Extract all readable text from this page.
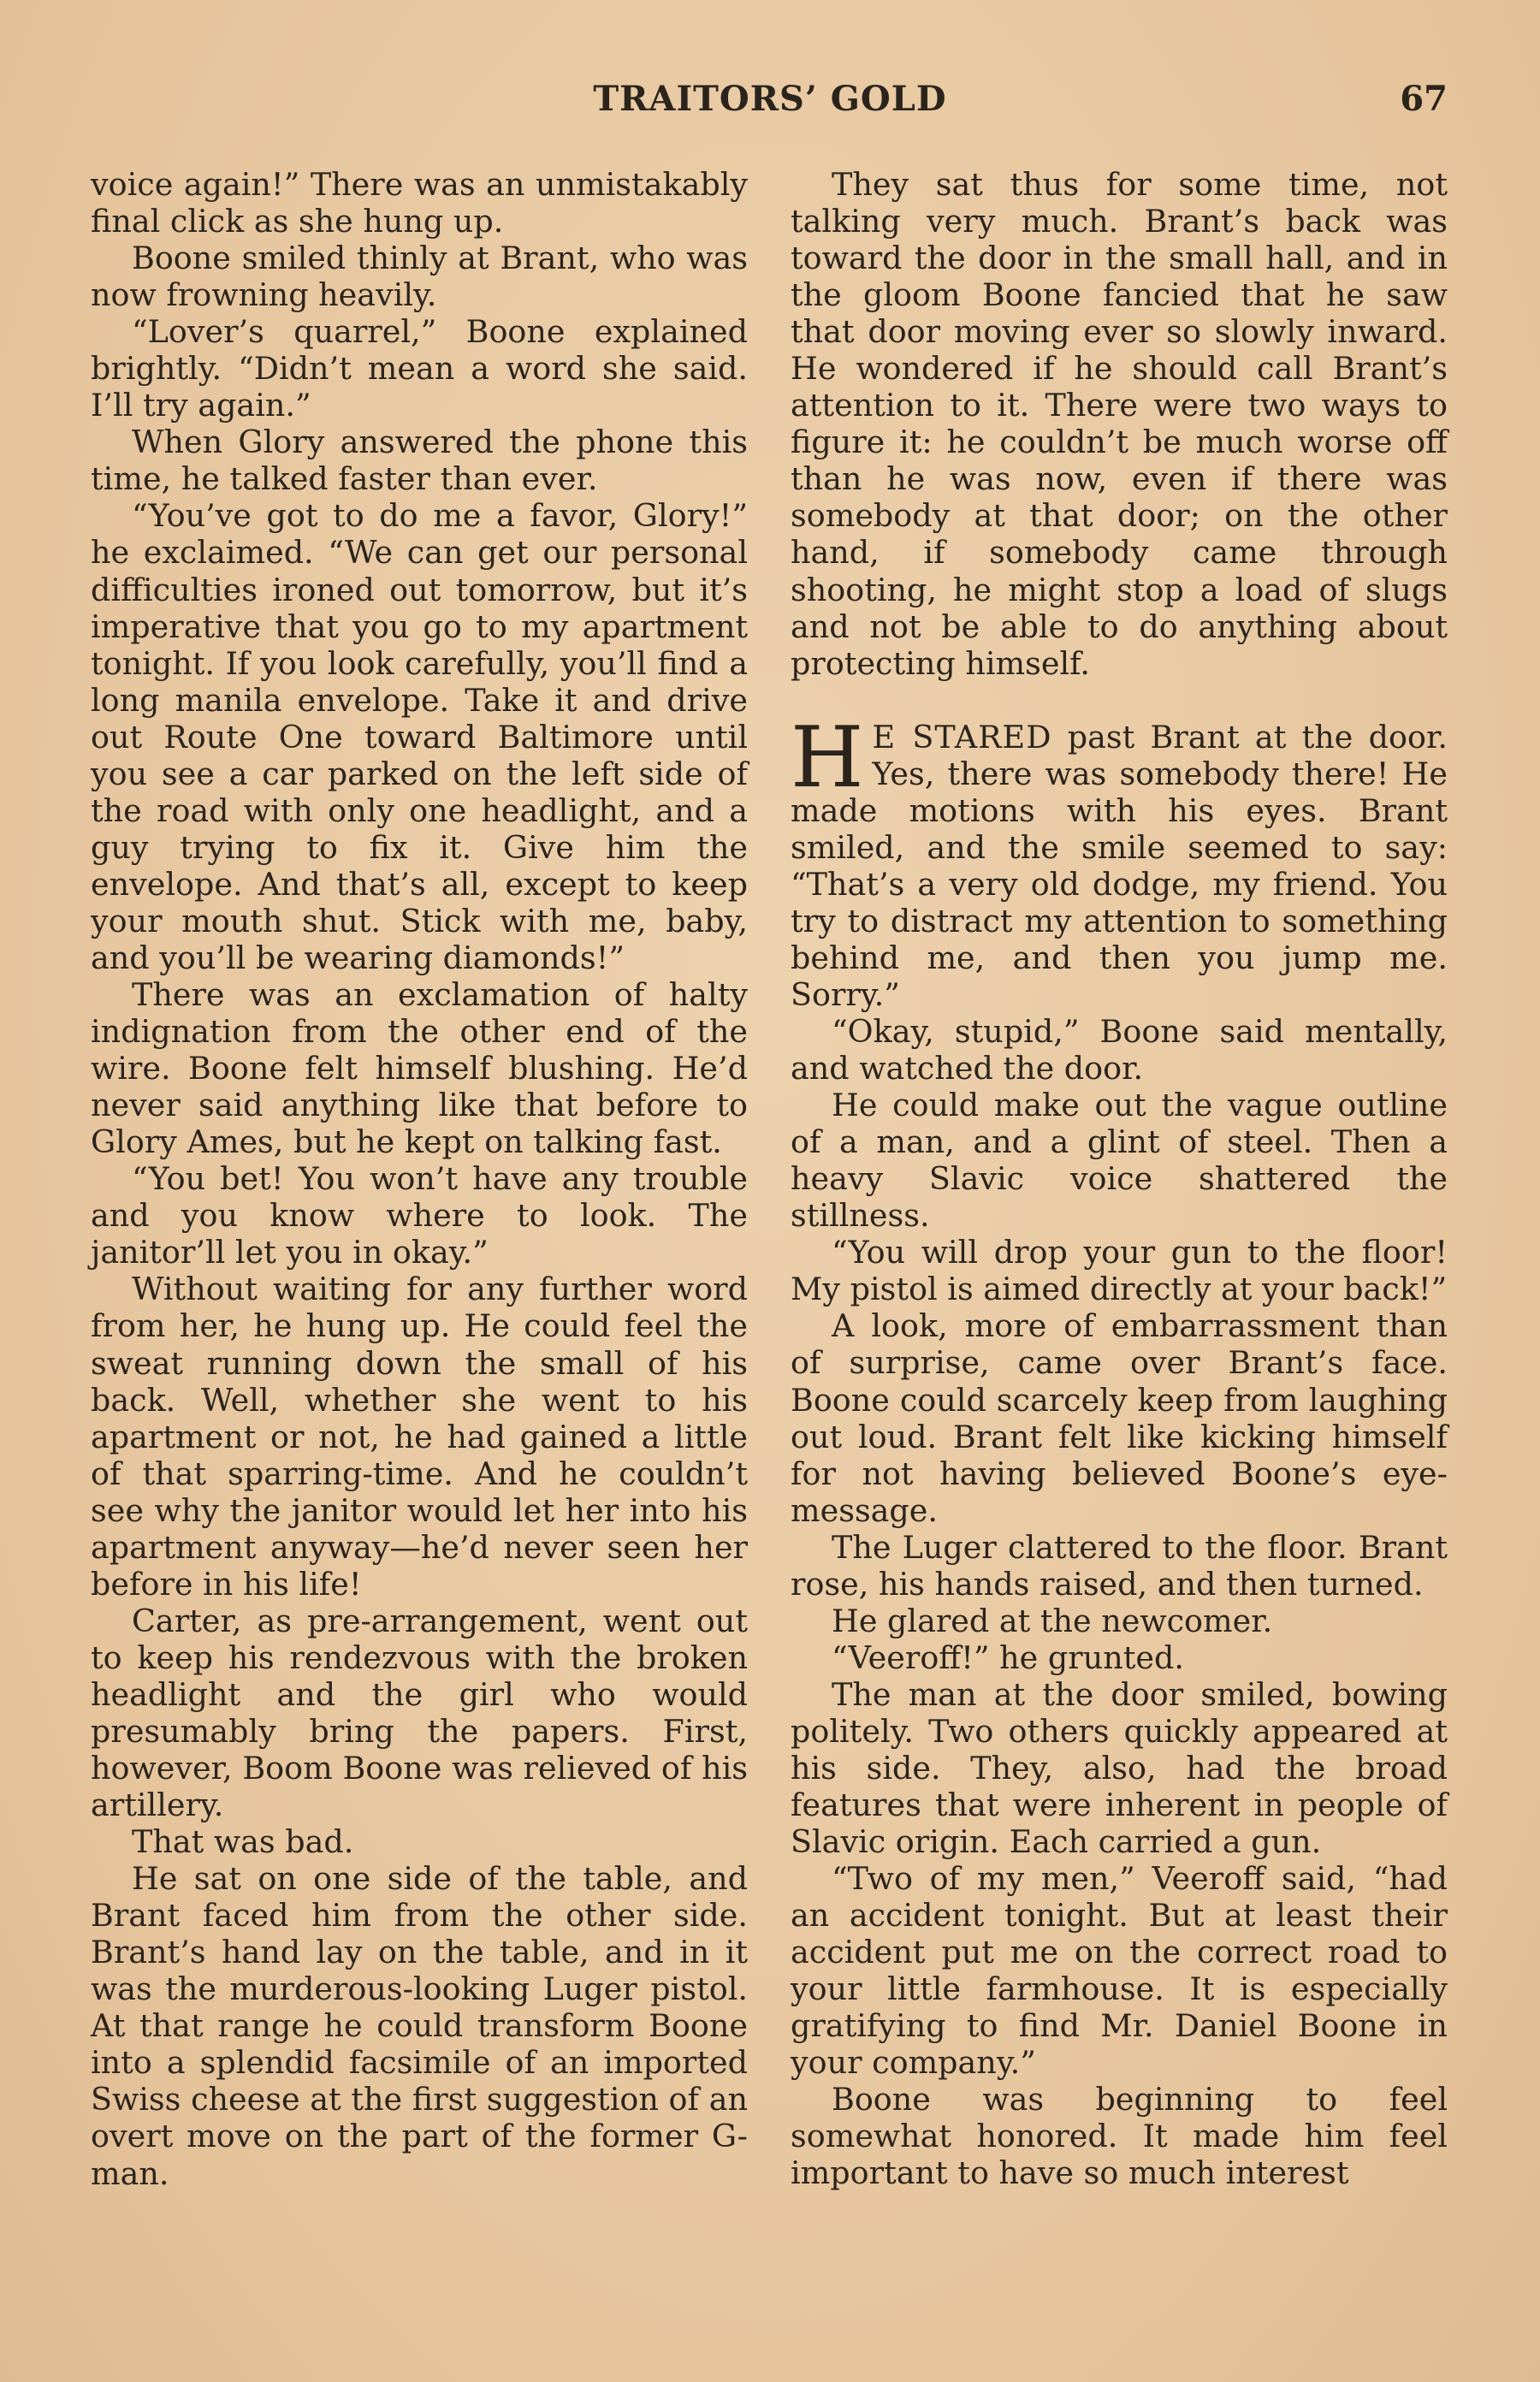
TRAITORS’ GOLD	67

voice again!” There was an unmistakably final click as she hung up.

Boone smiled thinly at Brant, who was now frowning heavily.

“Lover’s quarrel,” Boone explained brightly. “Didn’t mean a word she said. I’ll try again.”

When Glory answered the phone this time, he talked faster than ever.

“You’ve got to do me a favor, Glory!” he exclaimed. “We can get our personal difficulties ironed out tomorrow, but it’s imperative that you go to my apartment tonight. If you look carefully, you’ll find a long manila envelope. Take it and drive out Route One toward Baltimore until you see a car parked on the left side of the road with only one headlight, and a guy trying to fix it. Give him the envelope. And that’s all, except to keep your mouth shut. Stick with me, baby, and you’ll be wearing diamonds!”

There was an exclamation of halty indignation from the other end of the wire. Boone felt himself blushing. He’d never said anything like that before to Glory Ames, but he kept on talking fast.

“You bet! You won’t have any trouble and you know where to look. The janitor’ll let you in okay.”

Without waiting for any further word from her, he hung up. He could feel the sweat running down the small of his back. Well, whether she went to his apartment or not, he had gained a little of that sparring-time. And he couldn’t see why the janitor would let her into his apartment anyway—he’d never seen her before in his life!

Carter, as pre-arrangement, went out to keep his rendezvous with the broken headlight and the girl who would presumably bring the papers. First, however, Boom Boone was relieved of his artillery.

That was bad.

He sat on one side of the table, and Brant faced him from the other side. Brant’s hand lay on the table, and in it was the murderous-looking Luger pistol. At that range he could transform Boone into a splendid facsimile of an imported Swiss cheese at the first suggestion of an overt move on the part of the former G-man.

They sat thus for some time, not talking very much. Brant’s back was toward the door in the small hall, and in the gloom Boone fancied that he saw that door moving ever so slowly inward. He wondered if he should call Brant’s attention to it. There were two ways to figure it: he couldn’t be much worse off than he was now, even if there was somebody at that door; on the other hand, if somebody came through shooting, he might stop a load of slugs and not be able to do anything about protecting himself.

H E STARED past Brant at the door. Yes, there was somebody there! He made motions with his eyes. Brant smiled, and the smile seemed to say: “That’s a very old dodge, my friend. You try to distract my attention to something behind me, and then you jump me. Sorry.”

“Okay, stupid,” Boone said mentally, and watched the door.

He could make out the vague outline of a man, and a glint of steel. Then a heavy Slavic voice shattered the stillness.

“You will drop your gun to the floor! My pistol is aimed directly at your back!”

A look, more of embarrassment than of surprise, came over Brant’s face. Boone could scarcely keep from laughing out loud. Brant felt like kicking himself for not having believed Boone’s eye-message.

The Luger clattered to the floor. Brant rose, his hands raised, and then turned.

He glared at the newcomer.

“Veeroff!” he grunted.

The man at the door smiled, bowing politely. Two others quickly appeared at his side. They, also, had the broad features that were inherent in people of Slavic origin. Each carried a gun.

“Two of my men,” Veeroff said, “had an accident tonight. But at least their accident put me on the correct road to your little farmhouse. It is especially gratifying to find Mr. Daniel Boone in your company.”

Boone was beginning to feel somewhat honored. It made him feel important to have so much interest
